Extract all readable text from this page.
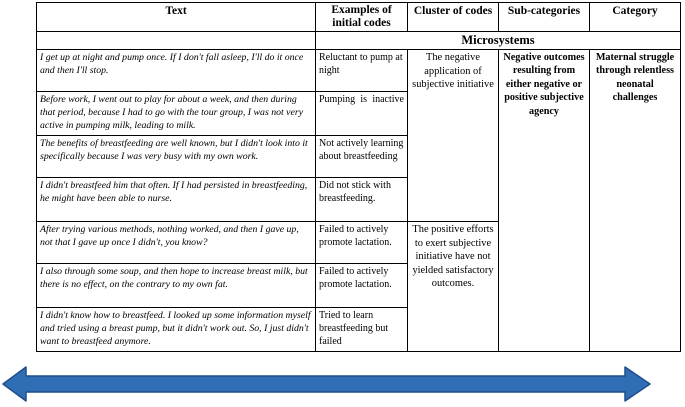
Text	Examples of initial codes	Cluster of codes	Sub-categories	Category
	Microsystems			
I get up at night and pump once. If I don't fall asleep, I'll do it once and then I'll stop.	Reluctant to pump at night	The negative application of subjective initiative	Negative outcomes resulting from either negative or positive subjective agency	Maternal struggle through relentless neonatal challenges
Before work, I went out to play for about a week, and then during that period, because I had to go with the tour group, I was not very active in pumping milk, leading to milk.	Pumping is inactive			
The benefits of breastfeeding are well known, but I didn't look into it specifically because I was very busy with my own work.	Not actively learning about breastfeeding			
I didn't breastfeed him that often. If I had persisted in breastfeeding, he might have been able to nurse.	Did not stick with breastfeeding.			
After trying various methods, nothing worked, and then I gave up, not that I gave up once I didn't, you know?	Failed to actively promote lactation.	The positive efforts to exert subjective initiative have not yielded satisfactory outcomes.		
I also through some soup, and then hope to increase breast milk, but there is no effect, on the contrary to my own fat.	Failed to actively promote lactation.			
I didn't know how to breastfeed. I looked up some information myself and tried using a breast pump, but it didn't work out. So, I just didn't want to breastfeed anymore.	Tried to learn breastfeeding but failed			
